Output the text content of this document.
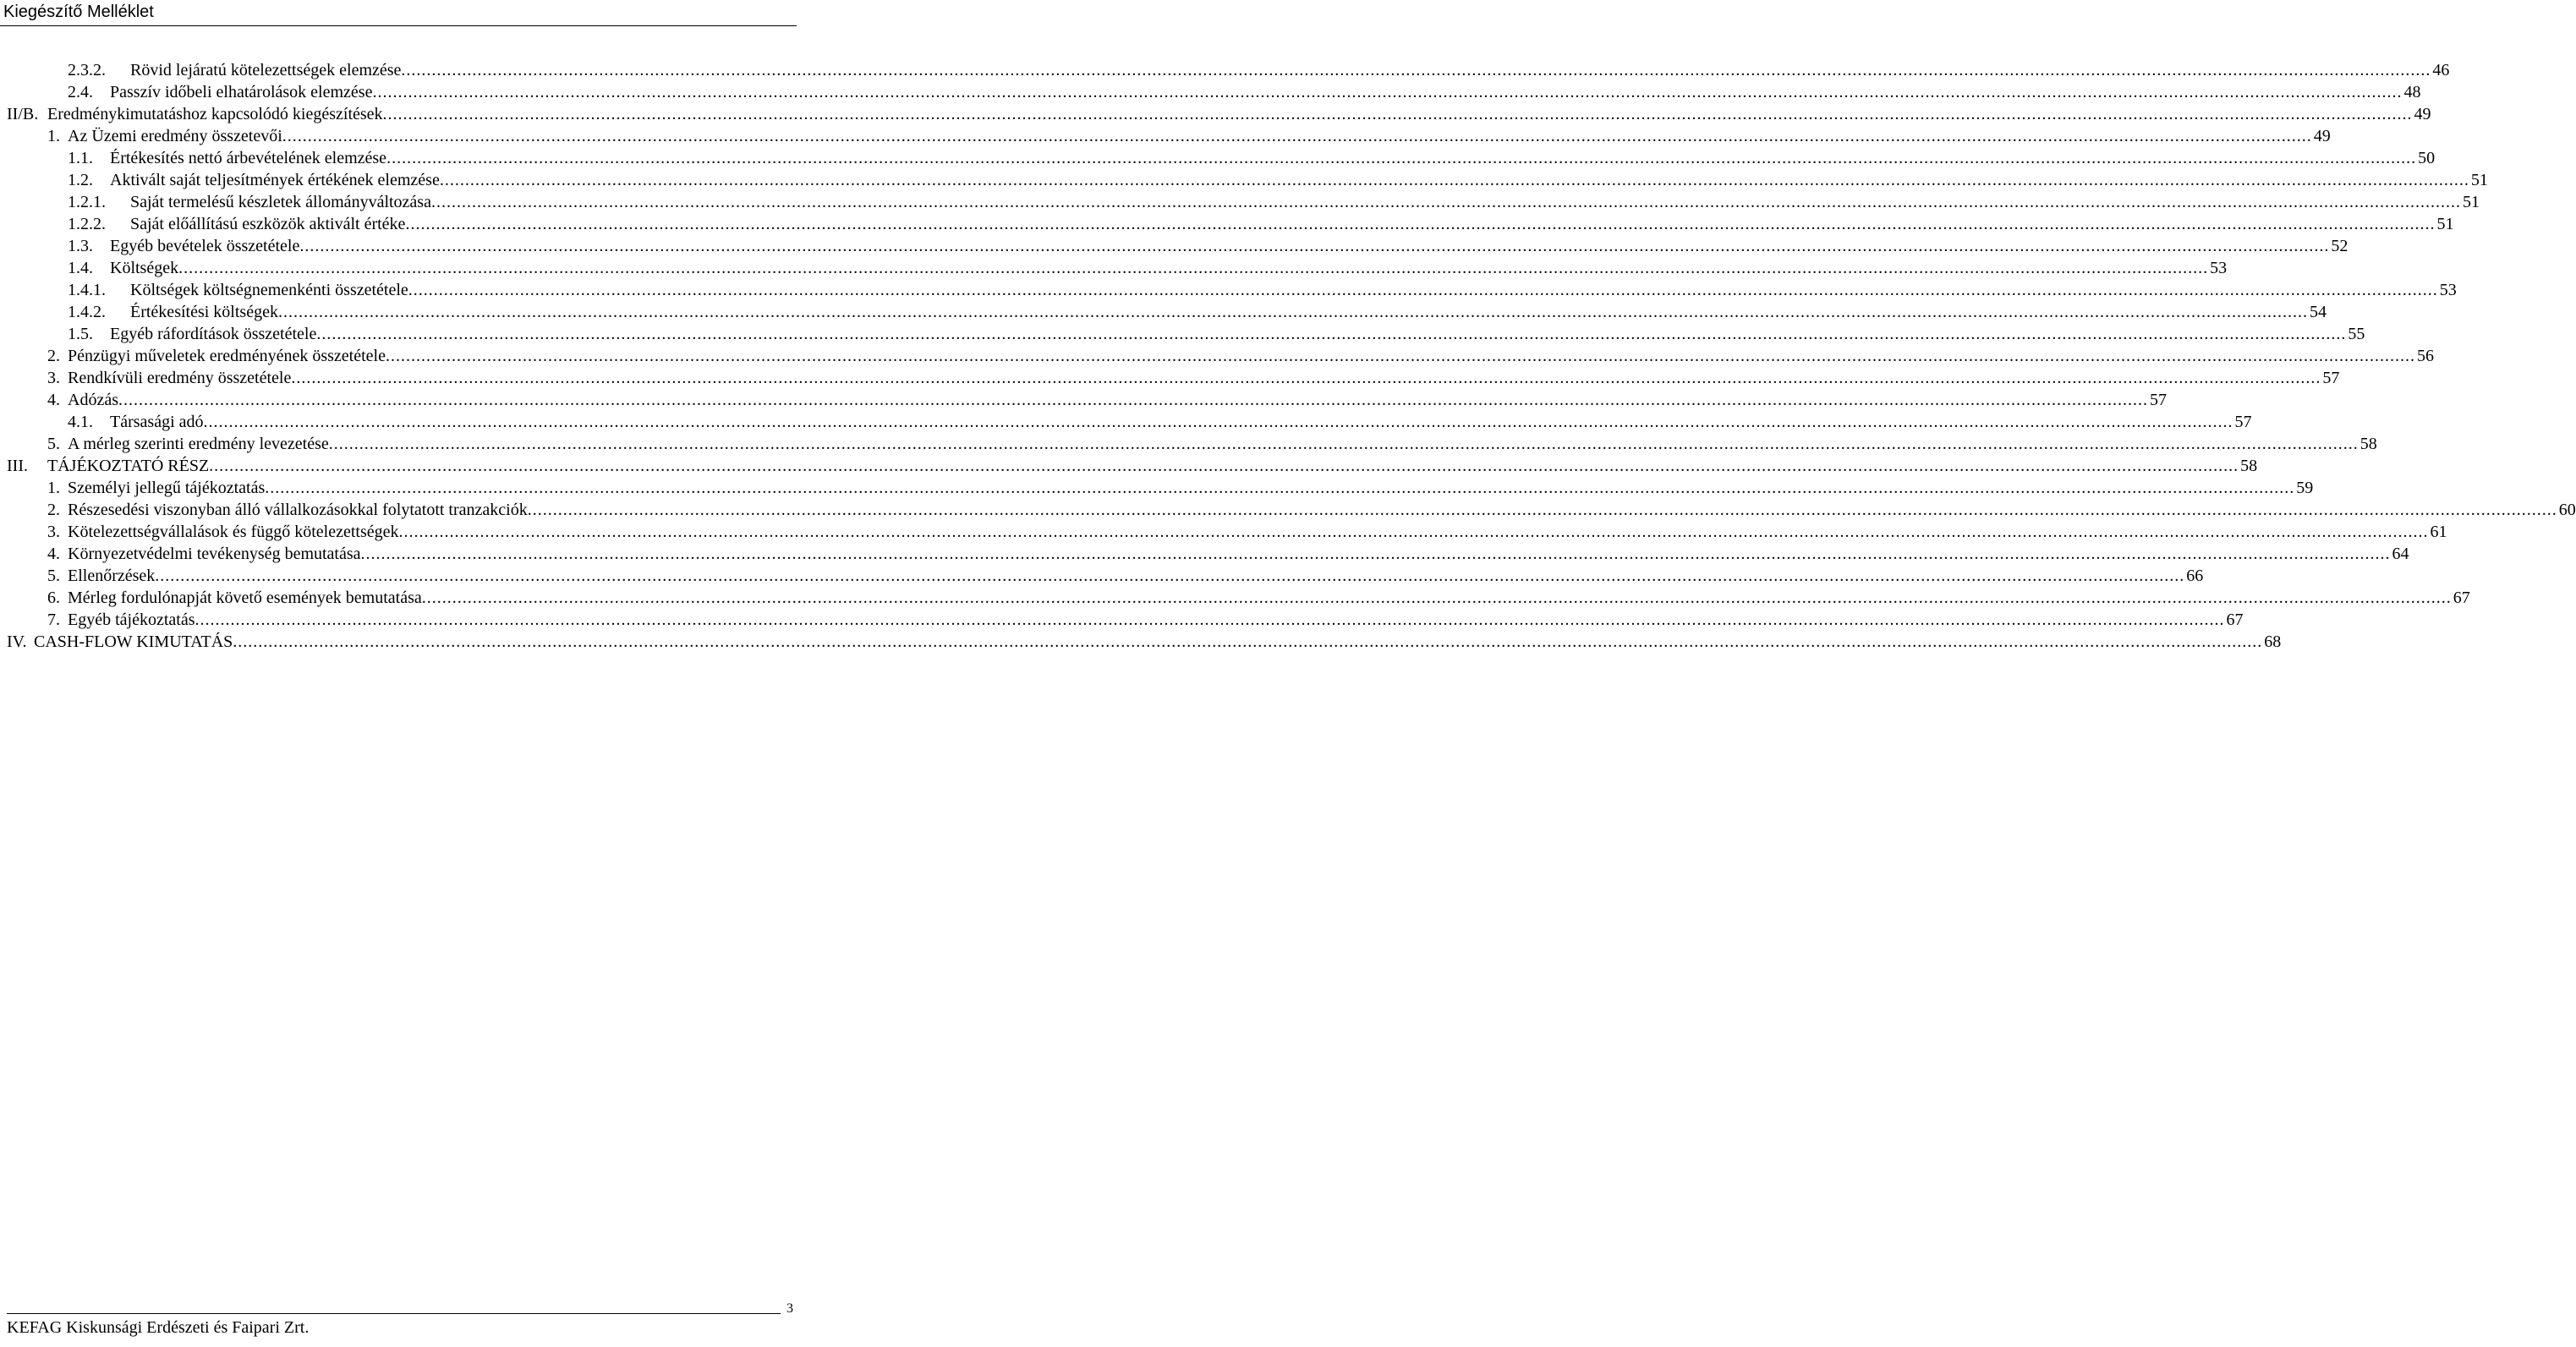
Kiegészítő Melléklet
2.3.2. Rövid lejáratú kötelezettségek elemzése ................................................................................................................................................................................................................................................................................................................................................................................................................ 46
2.4. Passzív időbeli elhatárolások elemzése ................................................................................................................................................................................................................................................................................................................................................................................................................ 48
II/B. Eredménykimutatáshoz kapcsolódó kiegészítések ................................................................................................................................................................................................................................................................................................................................................................................................................ 49
1. Az Üzemi eredmény összetevői ................................................................................................................................................................................................................................................................................................................................................................................................................ 49
1.1. Értékesítés nettó árbevételének elemzése ................................................................................................................................................................................................................................................................................................................................................................................................................ 50
1.2. Aktivált saját teljesítmények értékének elemzése ................................................................................................................................................................................................................................................................................................................................................................................................................ 51
1.2.1. Saját termelésű készletek állományváltozása ................................................................................................................................................................................................................................................................................................................................................................................................................ 51
1.2.2. Saját előállítású eszközök aktivált értéke ................................................................................................................................................................................................................................................................................................................................................................................................................ 51
1.3. Egyéb bevételek összetétele ................................................................................................................................................................................................................................................................................................................................................................................................................ 52
1.4. Költségek ................................................................................................................................................................................................................................................................................................................................................................................................................ 53
1.4.1. Költségek költségnemenkénti összetétele ................................................................................................................................................................................................................................................................................................................................................................................................................ 53
1.4.2. Értékesítési költségek ................................................................................................................................................................................................................................................................................................................................................................................................................ 54
1.5. Egyéb ráfordítások összetétele ................................................................................................................................................................................................................................................................................................................................................................................................................ 55
2. Pénzügyi műveletek eredményének összetétele ................................................................................................................................................................................................................................................................................................................................................................................................................ 56
3. Rendkívüli eredmény összetétele ................................................................................................................................................................................................................................................................................................................................................................................................................ 57
4. Adózás ................................................................................................................................................................................................................................................................................................................................................................................................................ 57
4.1. Társasági adó ................................................................................................................................................................................................................................................................................................................................................................................................................ 57
5. A mérleg szerinti eredmény levezetése ................................................................................................................................................................................................................................................................................................................................................................................................................ 58
III. TÁJÉKOZTATÓ RÉSZ ................................................................................................................................................................................................................................................................................................................................................................................................................ 58
1. Személyi jellegű tájékoztatás ................................................................................................................................................................................................................................................................................................................................................................................................................ 59
2. Részesedési viszonyban álló vállalkozásokkal folytatott tranzakciók ................................................................................................................................................................................................................................................................................................................................................................................................................ 60
3. Kötelezettségvállalások és függő kötelezettségek ................................................................................................................................................................................................................................................................................................................................................................................................................ 61
4. Környezetvédelmi tevékenység bemutatása ................................................................................................................................................................................................................................................................................................................................................................................................................ 64
5. Ellenőrzések ................................................................................................................................................................................................................................................................................................................................................................................................................ 66
6. Mérleg fordulónapját követő események bemutatása ................................................................................................................................................................................................................................................................................................................................................................................................................ 67
7. Egyéb tájékoztatás ................................................................................................................................................................................................................................................................................................................................................................................................................ 67
IV. CASH-FLOW KIMUTATÁS ................................................................................................................................................................................................................................................................................................................................................................................................................ 68
KEFAG Kiskunsági Erdészeti és Faipari Zrt.
3
